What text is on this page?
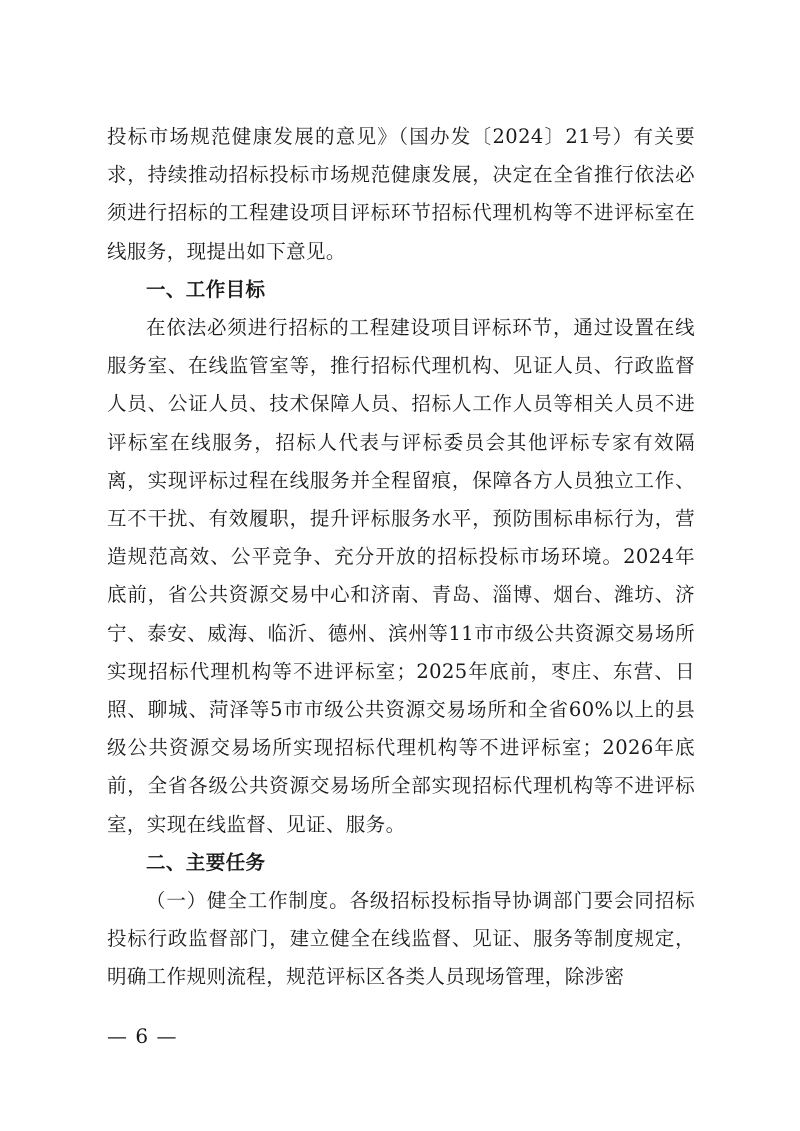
投标市场规范健康发展的意见》（国办发〔2024〕21号）有关要求，持续推动招标投标市场规范健康发展，决定在全省推行依法必须进行招标的工程建设项目评标环节招标代理机构等不进评标室在线服务，现提出如下意见。

一、工作目标

在依法必须进行招标的工程建设项目评标环节，通过设置在线服务室、在线监管室等，推行招标代理机构、见证人员、行政监督人员、公证人员、技术保障人员、招标人工作人员等相关人员不进评标室在线服务，招标人代表与评标委员会其他评标专家有效隔离，实现评标过程在线服务并全程留痕，保障各方人员独立工作、互不干扰、有效履职，提升评标服务水平，预防围标串标行为，营造规范高效、公平竞争、充分开放的招标投标市场环境。2024年底前，省公共资源交易中心和济南、青岛、淄博、烟台、潍坊、济宁、泰安、威海、临沂、德州、滨州等11市市级公共资源交易场所实现招标代理机构等不进评标室；2025年底前，枣庄、东营、日照、聊城、菏泽等5市市级公共资源交易场所和全省60%以上的县级公共资源交易场所实现招标代理机构等不进评标室；2026年底前，全省各级公共资源交易场所全部实现招标代理机构等不进评标室，实现在线监督、见证、服务。

二、主要任务

（一）健全工作制度。各级招标投标指导协调部门要会同招标投标行政监督部门，建立健全在线监督、见证、服务等制度规定，明确工作规则流程，规范评标区各类人员现场管理，除涉密

— 6 —
